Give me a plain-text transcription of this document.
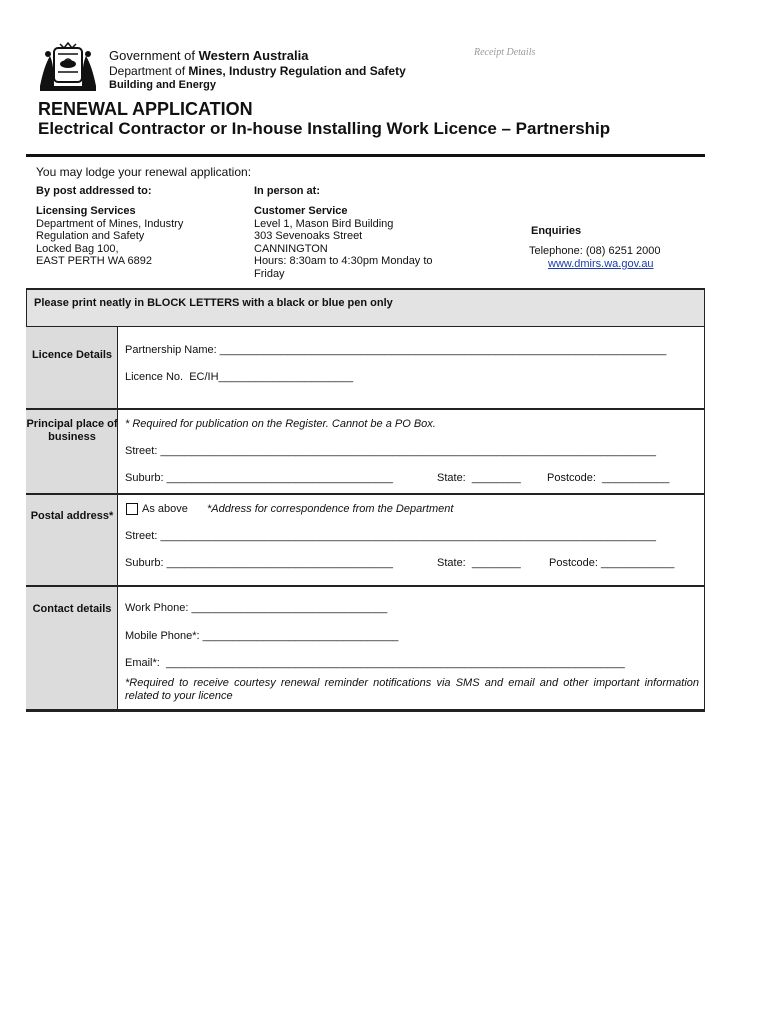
Government of Western Australia
Department of Mines, Industry Regulation and Safety
Building and Energy
Receipt Details
RENEWAL APPLICATION
Electrical Contractor or In-house Installing Work Licence – Partnership
You may lodge your renewal application:
By post addressed to:	In person at:
Licensing Services
Department of Mines, Industry
Regulation and Safety
Locked Bag 100,
EAST PERTH WA 6892
Customer Service
Level 1, Mason Bird Building
303 Sevenoaks Street
CANNINGTON
Hours: 8:30am to 4:30pm Monday to
Friday
Enquiries
Telephone: (08) 6251 2000
www.dmirs.wa.gov.au
Please print neatly in BLOCK LETTERS with a black or blue pen only
Licence Details	Partnership Name: _________________________________________________________________________
Licence No.  EC/IH______________________
Principal place of business
* Required for publication on the Register. Cannot be a PO Box.
Street: _________________________________________________________________________________
Suburb: _____________________________________	State:  ________ Postcode:  ___________
Postal address*
As above *Address for correspondence from the Department
Street: _________________________________________________________________________________
Suburb: _____________________________________	State:  ________	Postcode: ____________
Contact details	Work Phone: ________________________________
Mobile Phone*: ________________________________
Email*:  ___________________________________________________________________________
*Required to receive courtesy renewal reminder notifications via SMS and email and other important information related to your licence
